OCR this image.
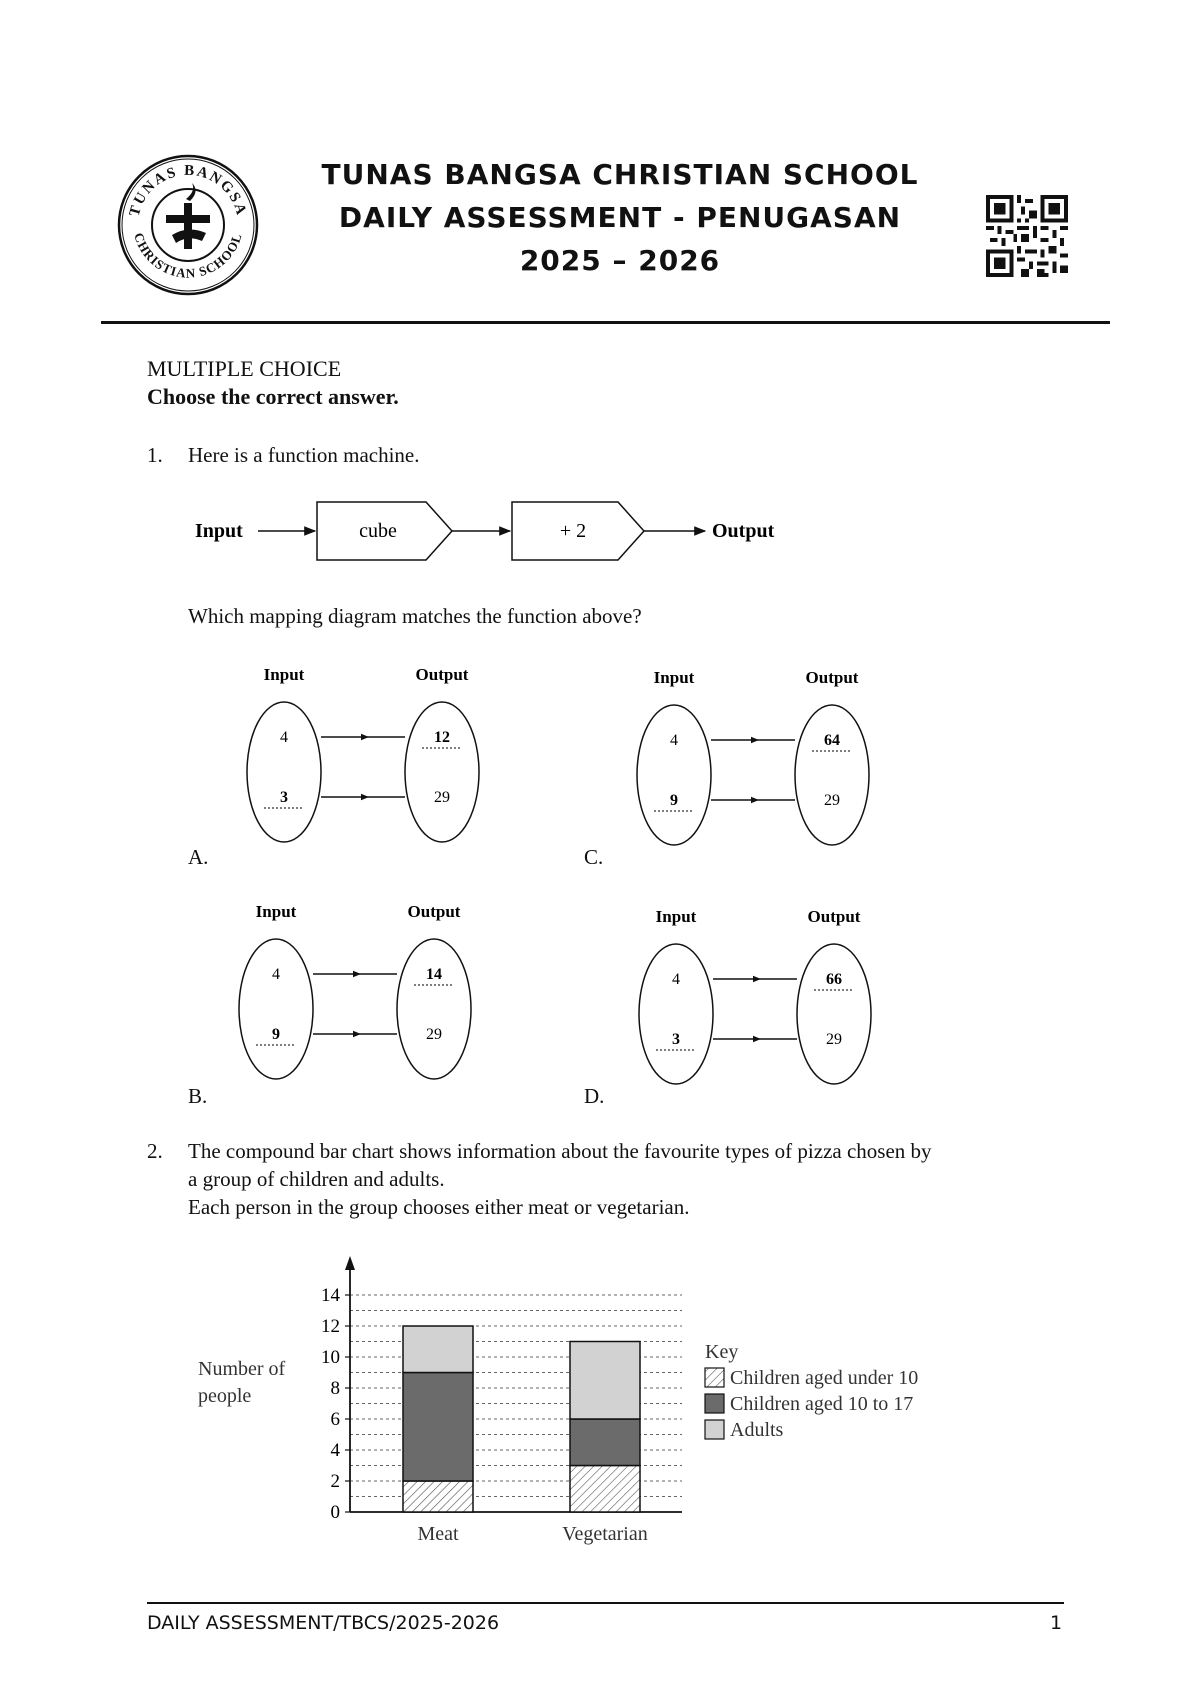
TUNAS BANGSA
CHRISTIAN SCHOOL
TUNAS BANGSA CHRISTIAN SCHOOL
DAILY ASSESSMENT - PENUGASAN
2025 – 2026
MULTIPLE CHOICE
Choose the correct answer.
1. Here is a function machine.
Input	cube	+ 2	Output
Which mapping diagram matches the function above?
Input	Output
4
3
12
29
A.
Input	Output
4
9
14
29
B.
Input	Output
4
9
64
29
C.
Input	Output
4
3
66
29
D.
2. The compound bar chart shows information about the favourite types of pizza chosen by
a group of children and adults.
Each person in the group chooses either meat or vegetarian.
0
2
4
6
8
10
12
14
Number of
people
Meat	Vegetarian
Key
Children aged under 10
Children aged 10 to 17
Adults
DAILY ASSESSMENT/TBCS/2025-2026	1
